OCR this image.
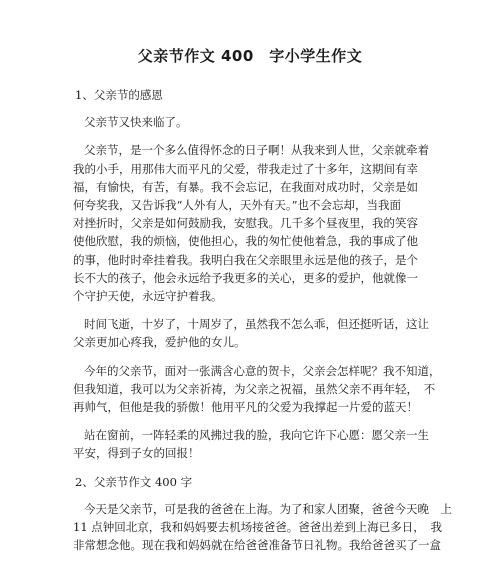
父亲节作文 400　字小学生作文
1、父亲节的感恩

父亲节又快来临了。

父亲节，是一个多么值得怀念的日子啊！从我来到人世，父亲就牵着

我的小手，用那伟大而平凡的父爱，带我走过了十多年，这期间有幸

福，有愉快，有苦，有暴。我不会忘记，在我面对成功时，父亲是如

何夸奖我，又告诉我“人外有人，天外有天。”也不会忘却，当我面

对挫折时，父亲是如何鼓励我，安慰我。几千多个昼夜里，我的笑容

使他欣慰，我的烦恼，使他担心，我的匆忙使他着急，我的事成了他

的事，他时时牵挂着我。我明白我在父亲眼里永远是他的孩子，是个

长不大的孩子，他会永远给予我更多的关心，更多的爱护，他就像一

个守护天使，永远守护着我。

时间飞逝，十岁了，十周岁了，虽然我不怎么乖，但还挺听话，这让

父亲更加心疼我，爱护他的女儿。

今年的父亲节，面对一张满含心意的贺卡，父亲会怎样呢？我不知道，

但我知道，我可以为父亲祈祷，为父亲之祝福，虽然父亲不再年轻，　不

再帅气，但他是我的骄傲！他用平凡的父爱为我撑起一片爱的蓝天！

站在窗前，一阵轻柔的风拂过我的脸，我向它许下心愿：愿父亲一生

平安，得到子女的回报！

2、父亲节作文 400 字

今天是父亲节，可是我的爸爸在上海。为了和家人团聚，爸爸今天晚　上

11 点钟回北京，我和妈妈要去机场接爸爸。爸爸出差到上海已多日，　我

非常想念他。现在我和妈妈就在给爸爸准备节日礼物。我给爸爸买了一盒
